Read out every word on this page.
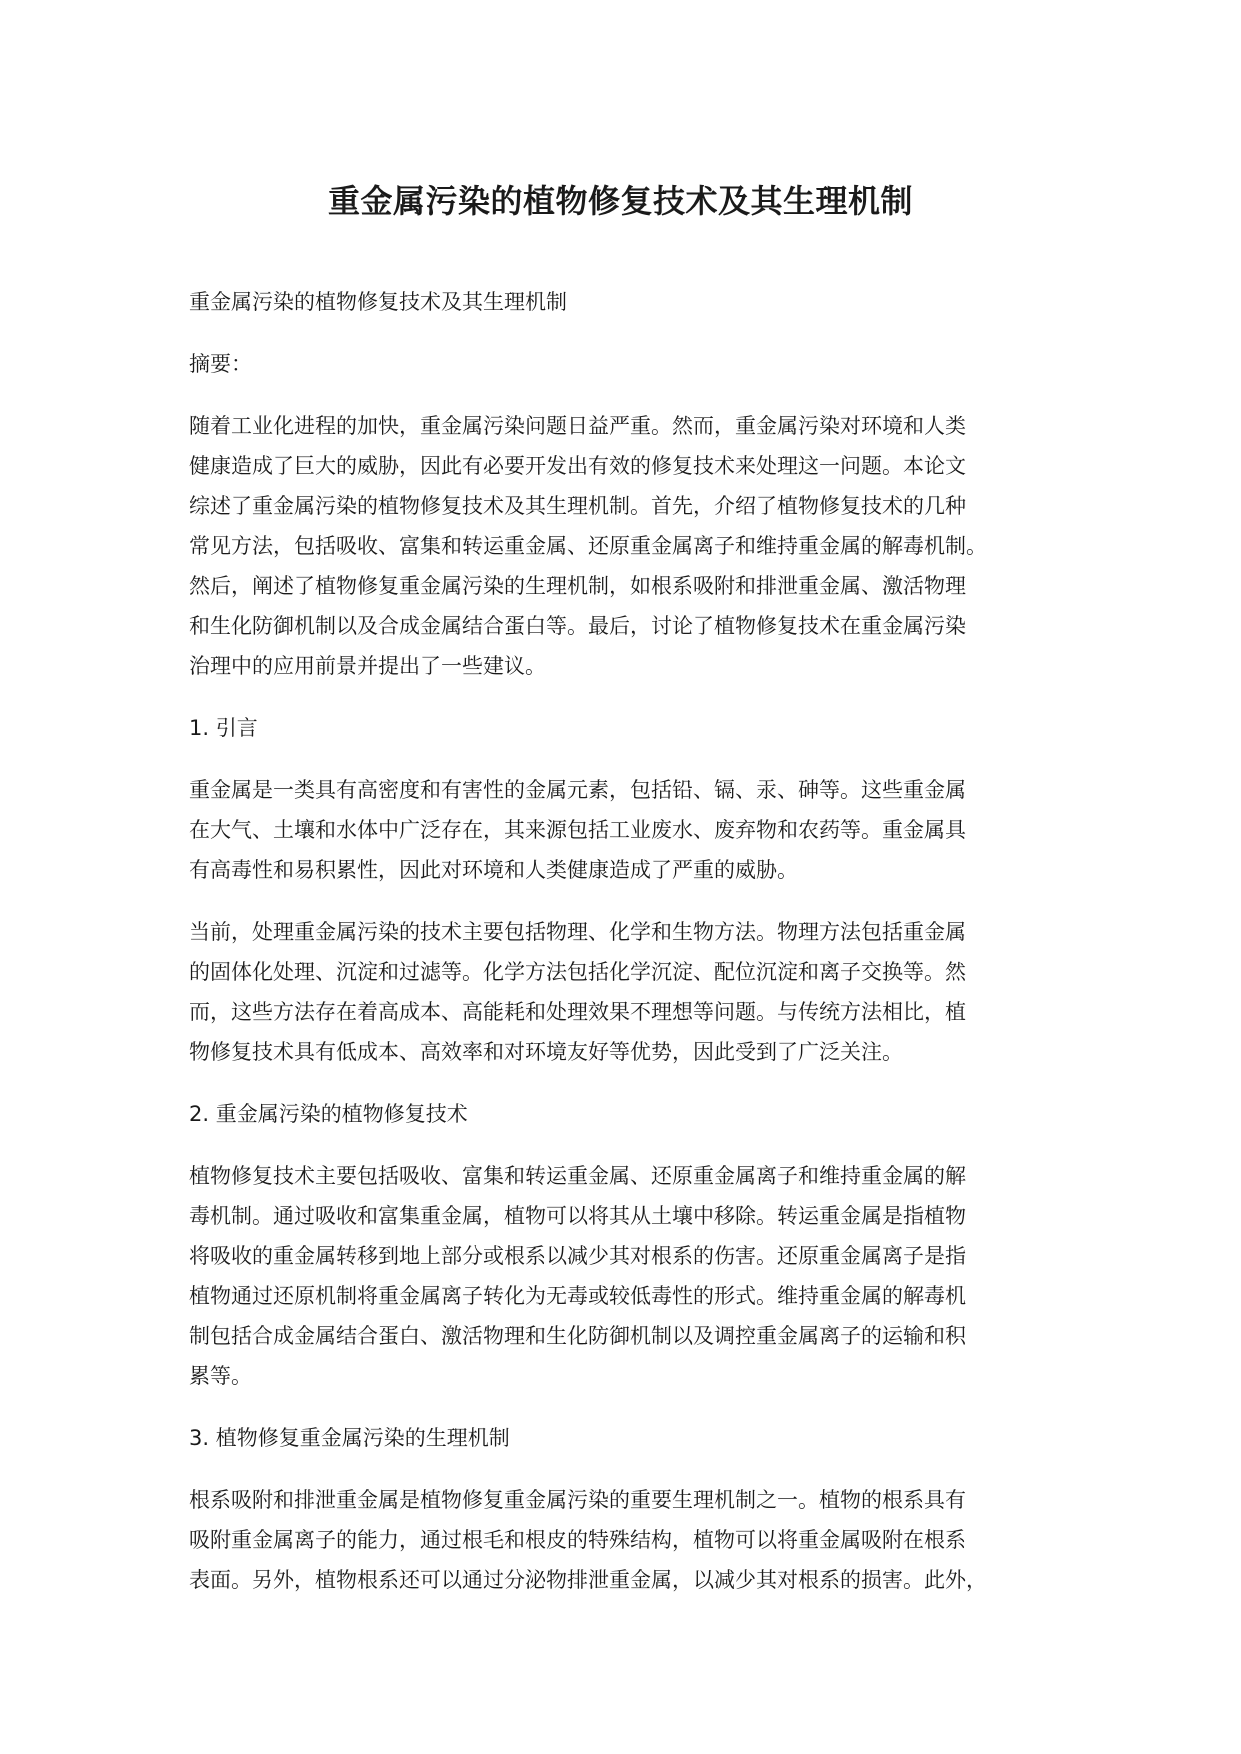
重金属污染的植物修复技术及其生理机制

重金属污染的植物修复技术及其生理机制

摘要：

随着工业化进程的加快，重金属污染问题日益严重。然而，重金属污染对环境和人类
健康造成了巨大的威胁，因此有必要开发出有效的修复技术来处理这一问题。本论文
综述了重金属污染的植物修复技术及其生理机制。首先，介绍了植物修复技术的几种
常见方法，包括吸收、富集和转运重金属、还原重金属离子和维持重金属的解毒机制。
然后，阐述了植物修复重金属污染的生理机制，如根系吸附和排泄重金属、激活物理
和生化防御机制以及合成金属结合蛋白等。最后，讨论了植物修复技术在重金属污染
治理中的应用前景并提出了一些建议。

1. 引言

重金属是一类具有高密度和有害性的金属元素，包括铅、镉、汞、砷等。这些重金属
在大气、土壤和水体中广泛存在，其来源包括工业废水、废弃物和农药等。重金属具
有高毒性和易积累性，因此对环境和人类健康造成了严重的威胁。

当前，处理重金属污染的技术主要包括物理、化学和生物方法。物理方法包括重金属
的固体化处理、沉淀和过滤等。化学方法包括化学沉淀、配位沉淀和离子交换等。然
而，这些方法存在着高成本、高能耗和处理效果不理想等问题。与传统方法相比，植
物修复技术具有低成本、高效率和对环境友好等优势，因此受到了广泛关注。

2. 重金属污染的植物修复技术

植物修复技术主要包括吸收、富集和转运重金属、还原重金属离子和维持重金属的解
毒机制。通过吸收和富集重金属，植物可以将其从土壤中移除。转运重金属是指植物
将吸收的重金属转移到地上部分或根系以减少其对根系的伤害。还原重金属离子是指
植物通过还原机制将重金属离子转化为无毒或较低毒性的形式。维持重金属的解毒机
制包括合成金属结合蛋白、激活物理和生化防御机制以及调控重金属离子的运输和积
累等。

3. 植物修复重金属污染的生理机制

根系吸附和排泄重金属是植物修复重金属污染的重要生理机制之一。植物的根系具有
吸附重金属离子的能力，通过根毛和根皮的特殊结构，植物可以将重金属吸附在根系
表面。另外，植物根系还可以通过分泌物排泄重金属，以减少其对根系的损害。此外，
